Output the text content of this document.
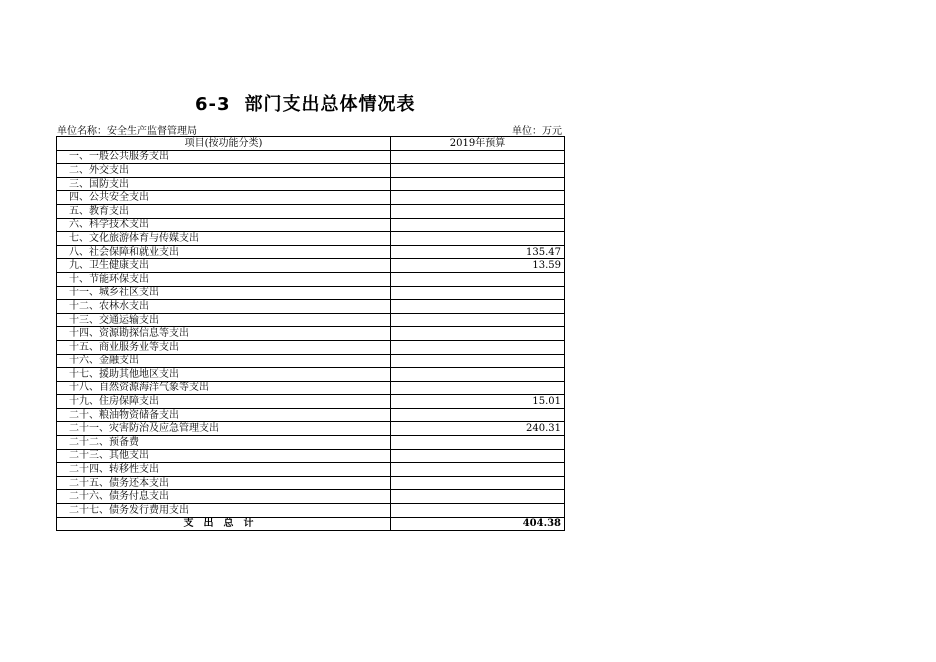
6-3 部门支出总体情况表
单位名称：安全生产监督管理局	单位：万元
项目(按功能分类)	2019年预算
一、一般公共服务支出	
二、外交支出	
三、国防支出	
四、公共安全支出	
五、教育支出	
六、科学技术支出	
七、文化旅游体育与传媒支出	
八、社会保障和就业支出	135.47
九、卫生健康支出	13.59
十、节能环保支出	
十一、城乡社区支出	
十二、农林水支出	
十三、交通运输支出	
十四、资源勘探信息等支出	
十五、商业服务业等支出	
十六、金融支出	
十七、援助其他地区支出	
十八、自然资源海洋气象等支出	
十九、住房保障支出	15.01
二十、粮油物资储备支出	
二十一、灾害防治及应急管理支出	240.31
二十二、预备费	
二十三、其他支出	
二十四、转移性支出	
二十五、债务还本支出	
二十六、债务付息支出	
二十七、债务发行费用支出	
支出总计	404.38
